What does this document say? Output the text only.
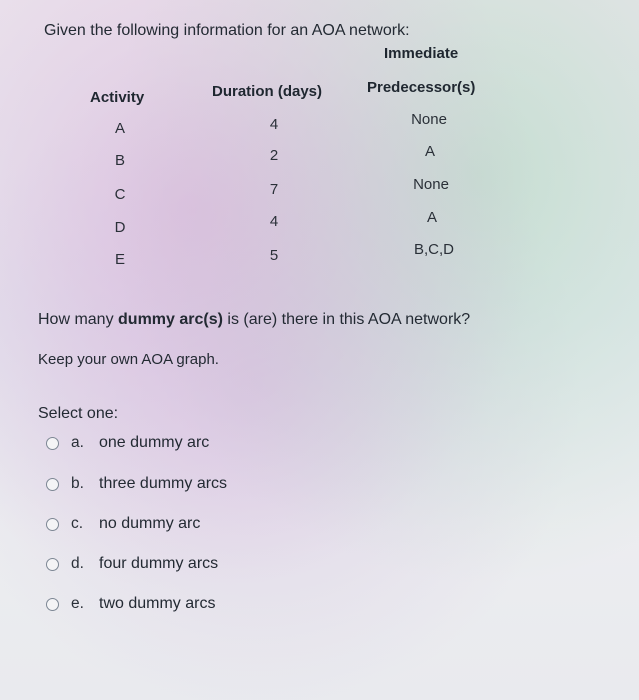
Given the following information for an AOA network:
Immediate
Activity	Duration (days)	Predecessor(s)
A	4	None
B	2	A
C	7	None
D	4	A
E	5	B,C,D
How many dummy arc(s) is (are) there in this AOA network?
Keep your own AOA graph.
Select one:
a. one dummy arc
b. three dummy arcs
c. no dummy arc
d. four dummy arcs
e. two dummy arcs
